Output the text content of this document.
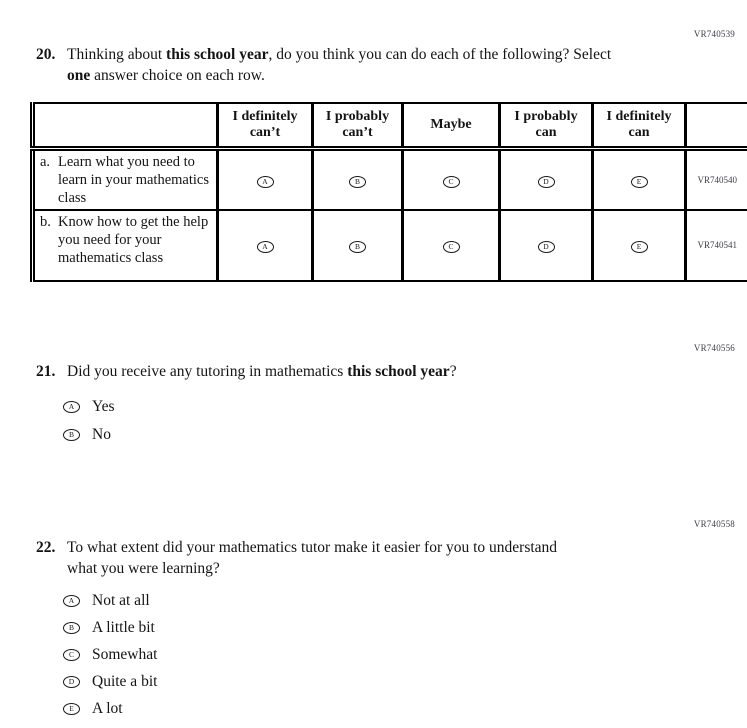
VR740539
20. Thinking about this school year, do you think you can do each of the following? Select
one answer choice on each row.
	I definitely can’t	I probably can’t	Maybe	I probably can	I definitely can	

a. Learn what you need to learn in your mathematics class	A	B	C	D	E	VR740540

b. Know how to get the help you need for your mathematics class	A	B	C	D	E	VR740541
VR740556
21. Did you receive any tutoring in mathematics this school year?
A	Yes
B	No
VR740558
22. To what extent did your mathematics tutor make it easier for you to understand
what you were learning?
A	Not at all
B	A little bit
C	Somewhat
D	Quite a bit
E	A lot
